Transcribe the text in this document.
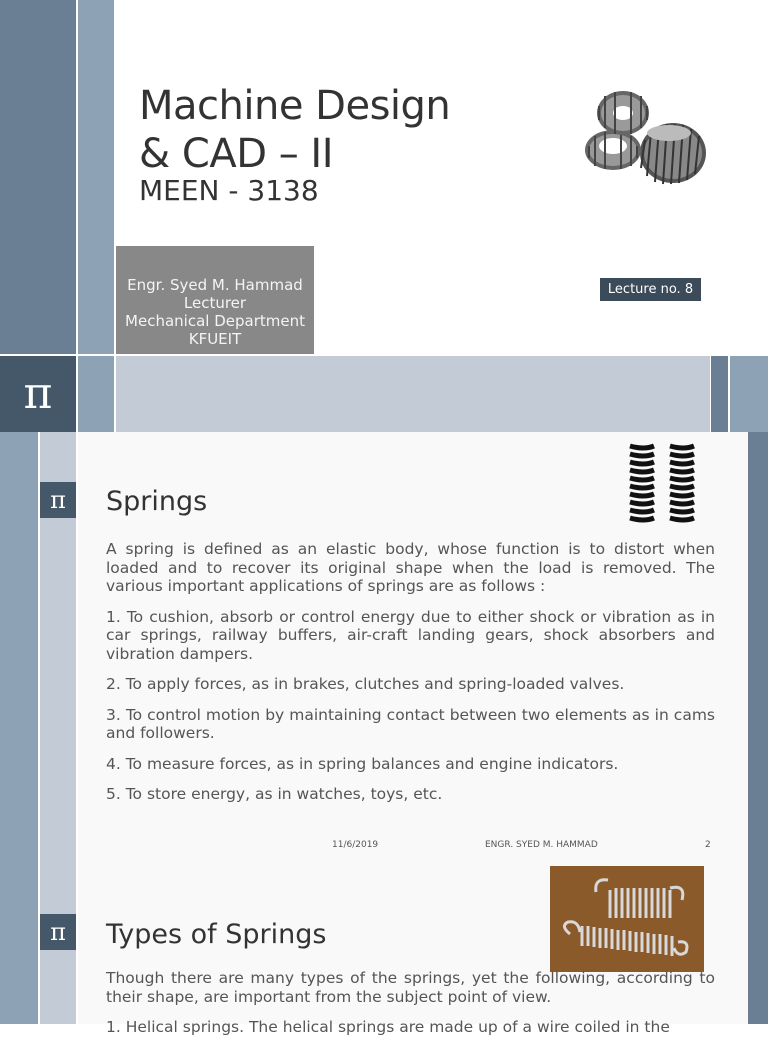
Machine Design
& CAD – II
MEEN - 3138
Engr. Syed M. Hammad
Lecturer
Mechanical Department
KFUEIT
Lecture no. 8
π
π	Springs

A spring is defined as an elastic body, whose function is to distort when loaded and to recover its original shape when the load is removed. The various important applications of springs are as follows :

1. To cushion, absorb or control energy due to either shock or vibration as in car springs, railway buffers, air-craft landing gears, shock absorbers and vibration dampers.

2. To apply forces, as in brakes, clutches and spring-loaded valves.

3. To control motion by maintaining contact between two elements as in cams and followers.

4. To measure forces, as in spring balances and engine indicators.

5. To store energy, as in watches, toys, etc.

11/6/2019	ENGR. SYED M. HAMMAD	2
π	Types of Springs

Though there are many types of the springs, yet the following, according to their shape, are important from the subject point of view.

1. Helical springs. The helical springs are made up of a wire coiled in the
